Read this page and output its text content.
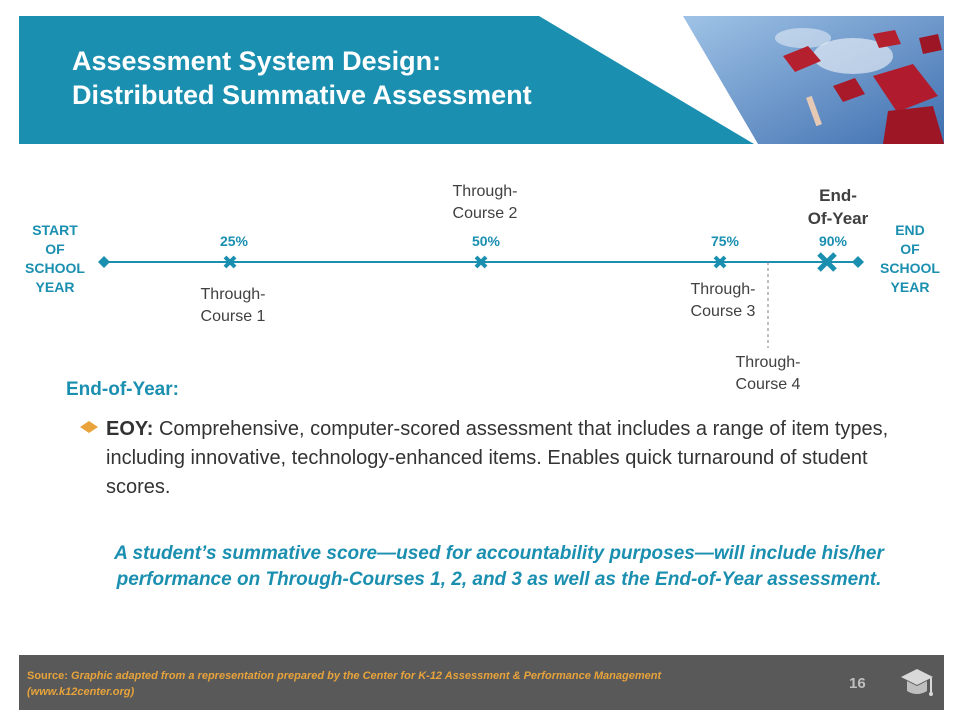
Assessment System Design:
Distributed Summative Assessment
START
OF
SCHOOL
YEAR
END
OF
SCHOOL
YEAR
25%	50%	75%	90%
Through-
Course 1
Through-
Course 2
Through-
Course 3
End-
Of-Year
Through-
Course 4
End-of-Year:
EOY: Comprehensive, computer-scored assessment that includes a range of item types, including innovative, technology-enhanced items. Enables quick turnaround of student scores.
A student’s summative score—used for accountability purposes—will include his/her performance on Through-Courses 1, 2, and 3 as well as the End-of-Year assessment.
Source: Graphic adapted from a representation prepared by the Center for K-12 Assessment & Performance Management (www.k12center.org)	16
